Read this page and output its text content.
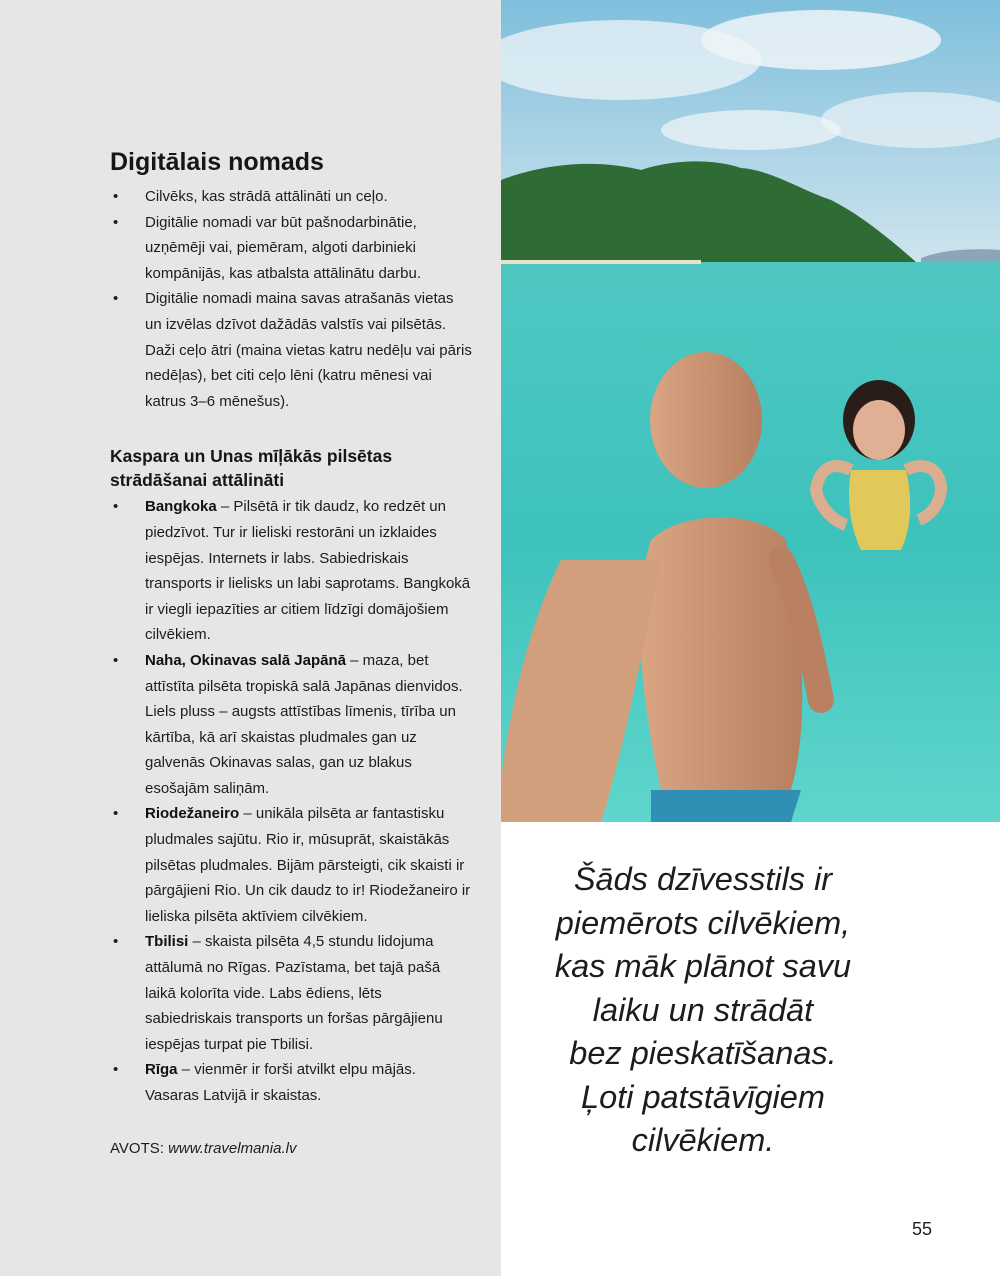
Digitālais nomads
• Cilvēks, kas strādā attālināti un ceļo.
• Digitālie nomadi var būt pašnodarbinātie, uzņēmēji vai, piemēram, algoti darbinieki kompānijās, kas atbalsta attālinātu darbu.
• Digitālie nomadi maina savas atrašanās vietas un izvēlas dzīvot dažādās valstīs vai pilsētās. Daži ceļo ātri (maina vietas katru nedēļu vai pāris nedēļas), bet citi ceļo lēni (katru mēnesi vai katrus 3–6 mēnešus).
Kaspara un Unas mīļākās pilsētas strādāšanai attālināti
• Bangkoka – Pilsētā ir tik daudz, ko redzēt un piedzīvot. Tur ir lieliski restorāni un izklaides iespējas. Internets ir labs. Sabiedriskais transports ir lielisks un labi saprotams. Bangkokā ir viegli iepazīties ar citiem līdzīgi domājošiem cilvēkiem.
• Naha, Okinavas salā Japānā – maza, bet attīstīta pilsēta tropiskā salā Japānas dienvidos. Liels pluss – augsts attīstības līmenis, tīrība un kārtība, kā arī skaistas pludmales gan uz galvenās Okinavas salas, gan uz blakus esošajām saliņām.
• Riodežaneiro – unikāla pilsēta ar fantastisku pludmales sajūtu. Rio ir, mūsuprāt, skaistākās pilsētas pludmales. Bijām pārsteigti, cik skaisti ir pārgājieni Rio. Un cik daudz to ir! Riodežaneiro ir lieliska pilsēta aktīviem cilvēkiem.
• Tbilisi – skaista pilsēta 4,5 stundu lidojuma attālumā no Rīgas. Pazīstama, bet tajā pašā laikā kolorīta vide. Labs ēdiens, lēts sabiedriskais transports un foršas pārgājienu iespējas turpat pie Tbilisi.
• Rīga – vienmēr ir forši atvilkt elpu mājās. Vasaras Latvijā ir skaistas.
AVOTS: www.travelmania.lv
Šāds dzīvesstils ir
piemērots cilvēkiem,
kas māk plānot savu
laiku un strādāt
bez pieskatīšanas.
Ļoti patstāvīgiem
cilvēkiem.
55
